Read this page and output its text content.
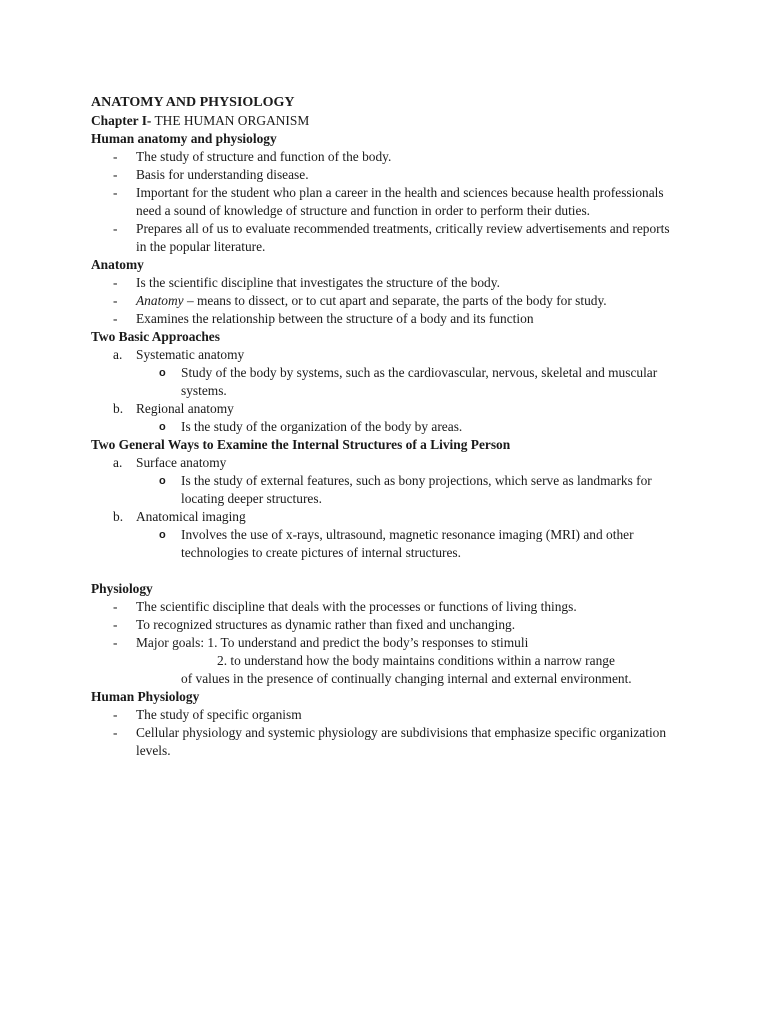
ANATOMY AND PHYSIOLOGY
Chapter I- THE HUMAN ORGANISM
Human anatomy and physiology
- The study of structure and function of the body.
- Basis for understanding disease.
- Important for the student who plan a career in the health and sciences because health professionals need a sound of knowledge of structure and function in order to perform their duties.
- Prepares all of us to evaluate recommended treatments, critically review advertisements and reports in the popular literature.
Anatomy
- Is the scientific discipline that investigates the structure of the body.
- Anatomy – means to dissect, or to cut apart and separate, the parts of the body for study.
- Examines the relationship between the structure of a body and its function
Two Basic Approaches
a. Systematic anatomy
o Study of the body by systems, such as the cardiovascular, nervous, skeletal and muscular systems.
b. Regional anatomy
o Is the study of the organization of the body by areas.
Two General Ways to Examine the Internal Structures of a Living Person
a. Surface anatomy
o Is the study of external features, such as bony projections, which serve as landmarks for locating deeper structures.
b. Anatomical imaging
o Involves the use of x-rays, ultrasound, magnetic resonance imaging (MRI) and other technologies to create pictures of internal structures.
Physiology
- The scientific discipline that deals with the processes or functions of living things.
- To recognized structures as dynamic rather than fixed and unchanging.
- Major goals: 1. To understand and predict the body’s responses to stimuli
2. to understand how the body maintains conditions within a narrow range
of values in the presence of continually changing internal and external environment.
Human Physiology
- The study of specific organism
- Cellular physiology and systemic physiology are subdivisions that emphasize specific organization levels.
